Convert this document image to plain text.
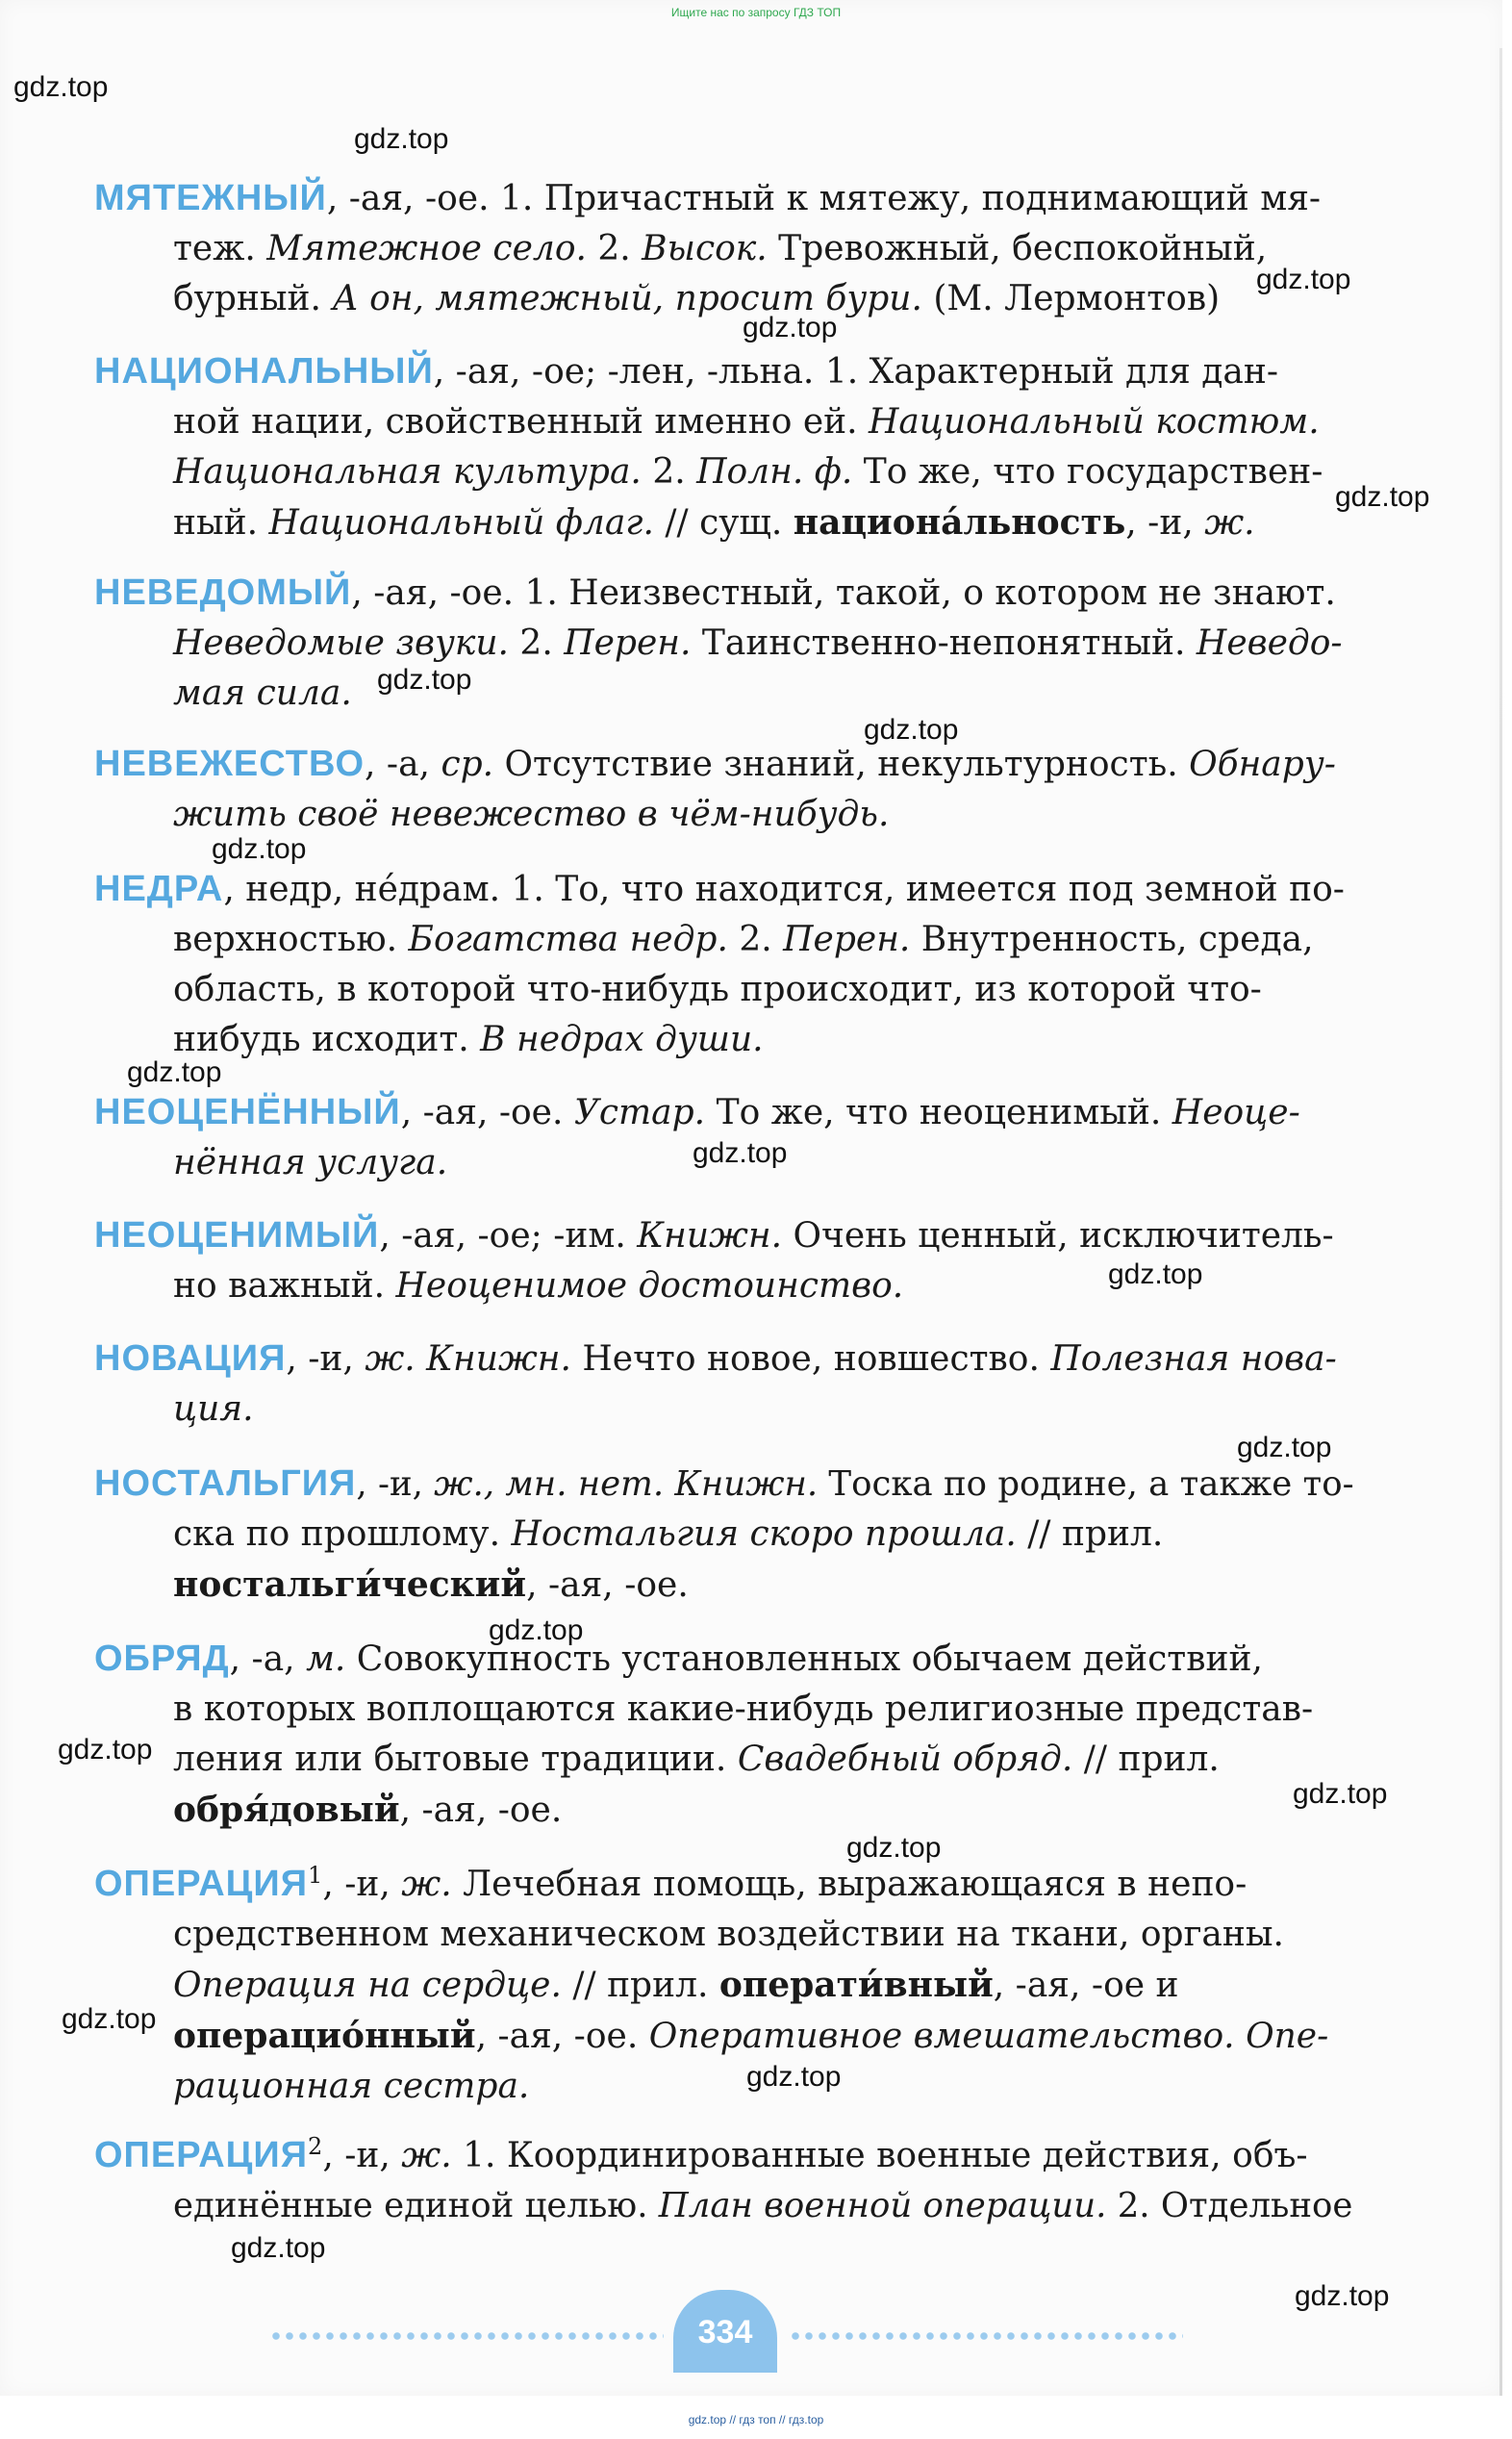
Ищите нас по запросу ГДЗ ТОП

МЯТЕЖНЫЙ, -ая, -ое. 1. Причастный к мятежу, поднимающий мя-
теж. Мятежное село. 2. Высок. Тревожный, беспокойный,
бурный. А он, мятежный, просит бури. (М. Лермонтов)
НАЦИОНАЛЬНЫЙ, -ая, -ое; -лен, -льна. 1. Характерный для дан-
ной нации, свойственный именно ей. Национальный костюм.
Национальная культура. 2. Полн. ф. То же, что государствен-
ный. Национальный флаг. // сущ. национа́льность, -и, ж.
НЕВЕДОМЫЙ, -ая, -ое. 1. Неизвестный, такой, о котором не знают.
Неведомые звуки. 2. Перен. Таинственно-непонятный. Неведо-
мая сила.
НЕВЕЖЕСТВО, -а, ср. Отсутствие знаний, некультурность. Обнару-
жить своё невежество в чём-нибудь.
НЕДРА, недр, не́драм. 1. То, что находится, имеется под земной по-
верхностью. Богатства недр. 2. Перен. Внутренность, среда,
область, в которой что-нибудь происходит, из которой что-
нибудь исходит. В недрах души.
НЕОЦЕНЁННЫЙ, -ая, -ое. Устар. То же, что неоценимый. Неоце-
нённая услуга.
НЕОЦЕНИМЫЙ, -ая, -ое; -им. Книжн. Очень ценный, исключитель-
но важный. Неоценимое достоинство.
НОВАЦИЯ, -и, ж. Книжн. Нечто новое, новшество. Полезная нова-
ция.
НОСТАЛЬГИЯ, -и, ж., мн. нет. Книжн. Тоска по родине, а также то-
ска по прошлому. Ностальгия скоро прошла. // прил.
ностальги́ческий, -ая, -ое.
ОБРЯД, -а, м. Совокупность установленных обычаем действий,
в которых воплощаются какие-нибудь религиозные представ-
ления или бытовые традиции. Свадебный обряд. // прил.
обря́довый, -ая, -ое.
ОПЕРАЦИЯ$^1$, -и, ж. Лечебная помощь, выражающаяся в непо-
средственном механическом воздействии на ткани, органы.
Операция на сердце. // прил. операти́вный, -ая, -ое и
операцио́нный, -ая, -ое. Оперативное вмешательство. Опе-
рационная сестра.
ОПЕРАЦИЯ$^2$, -и, ж. 1. Координированные военные действия, объ-
единённые единой целью. План военной операции. 2. Отдельное
gdz.top
gdz.top
gdz.top
gdz.top
gdz.top
gdz.top
gdz.top
gdz.top
gdz.top
gdz.top
gdz.top
gdz.top
gdz.top
gdz.top
gdz.top
gdz.top
gdz.top
gdz.top
gdz.top
gdz.top
334

gdz.top // гдз топ // гдз.top
